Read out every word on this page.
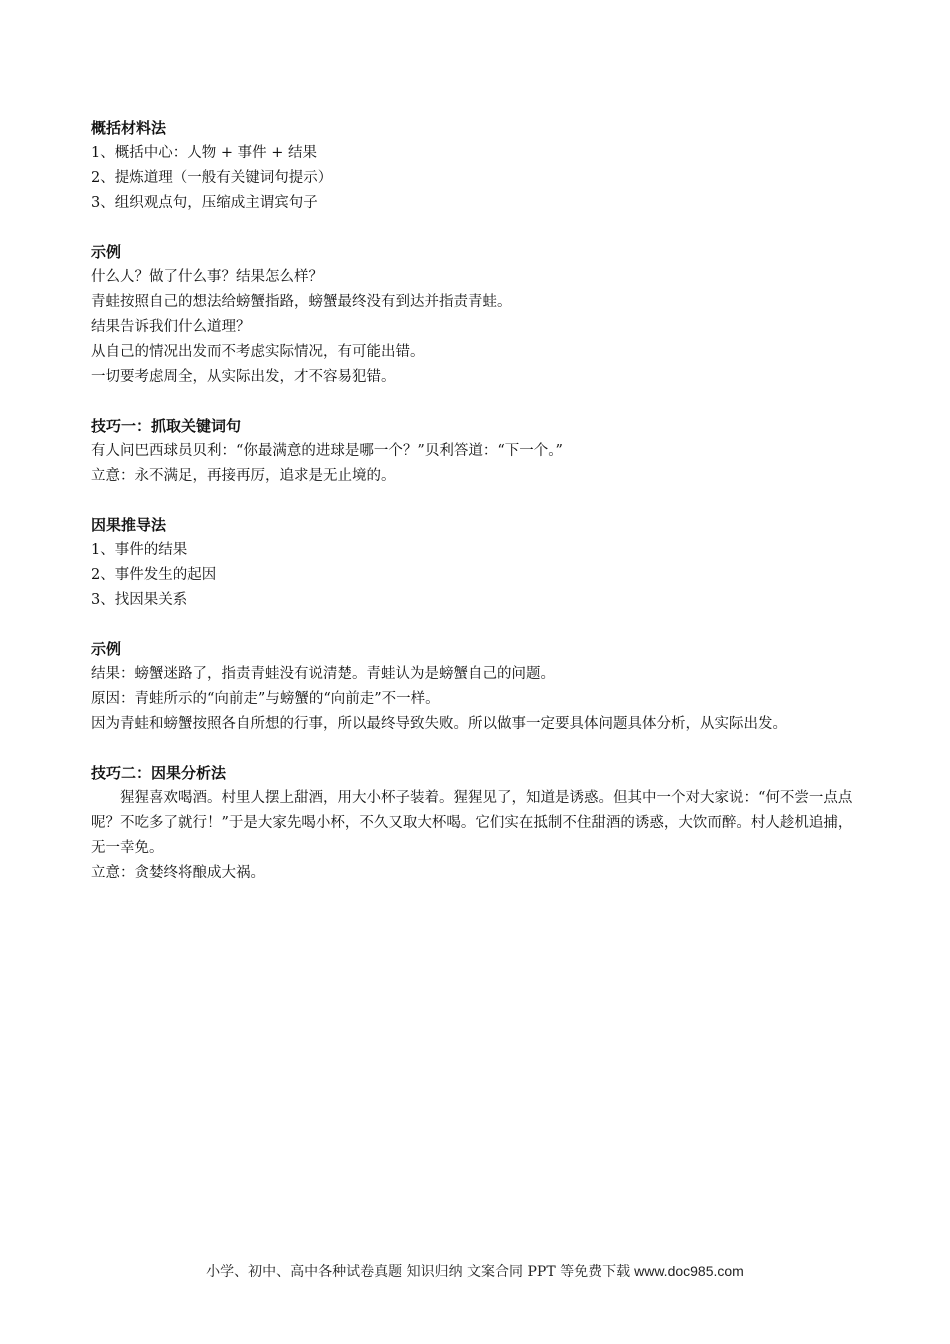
概括材料法
1、概括中心：人物 + 事件 + 结果
2、提炼道理（一般有关键词句提示）
3、组织观点句，压缩成主谓宾句子
示例
什么人？做了什么事？结果怎么样？
青蛙按照自己的想法给螃蟹指路，螃蟹最终没有到达并指责青蛙。
结果告诉我们什么道理？
从自己的情况出发而不考虑实际情况，有可能出错。
一切要考虑周全，从实际出发，才不容易犯错。
技巧一：抓取关键词句
有人问巴西球员贝利：“你最满意的进球是哪一个？”贝利答道：“下一个。”
立意：永不满足，再接再厉，追求是无止境的。
因果推导法
1、事件的结果
2、事件发生的起因
3、找因果关系
示例
结果：螃蟹迷路了，指责青蛙没有说清楚。青蛙认为是螃蟹自己的问题。
原因：青蛙所示的“向前走”与螃蟹的“向前走”不一样。
因为青蛙和螃蟹按照各自所想的行事，所以最终导致失败。所以做事一定要具体问题具体分析，从实际出发。
技巧二：因果分析法
猩猩喜欢喝酒。村里人摆上甜酒，用大小杯子装着。猩猩见了，知道是诱惑。但其中一个对大家说：“何不尝一点点呢？不吃多了就行！”于是大家先喝小杯，不久又取大杯喝。它们实在抵制不住甜酒的诱惑，大饮而醉。村人趁机追捕，无一幸免。
立意：贪婪终将酿成大祸。
小学、初中、高中各种试卷真题 知识归纳 文案合同 PPT 等免费下载 www.doc985.com
